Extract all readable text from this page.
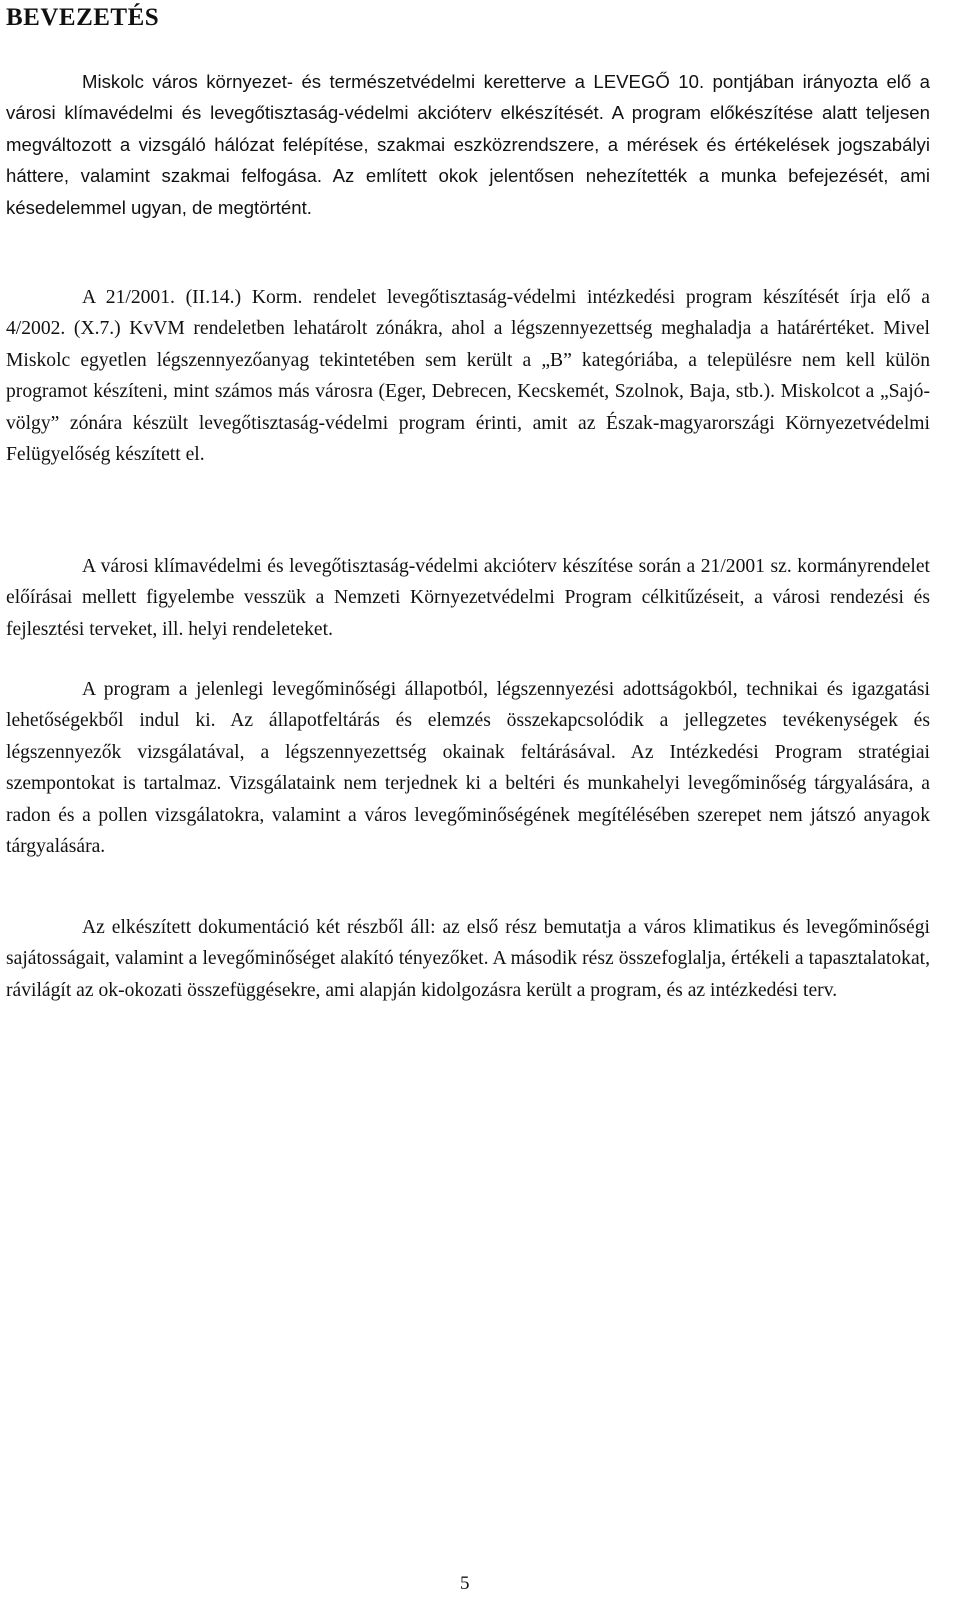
BEVEZETÉS

Miskolc város környezet- és természetvédelmi keretterve a LEVEGŐ 10. pontjában irányozta elő a városi klímavédelmi és levegőtisztaság-védelmi akcióterv elkészítését. A program előkészítése alatt teljesen megváltozott a vizsgáló hálózat felépítése, szakmai eszközrendszere, a mérések és értékelések jogszabályi háttere, valamint szakmai felfogása. Az említett okok jelentősen nehezítették a munka befejezését, ami késedelemmel ugyan, de megtörtént.

A 21/2001. (II.14.) Korm. rendelet levegőtisztaság-védelmi intézkedési program készítését írja elő a 4/2002. (X.7.) KvVM rendeletben lehatárolt zónákra, ahol a légszennyezettség meghaladja a határértéket. Mivel Miskolc egyetlen légszennyezőanyag tekintetében sem került a „B” kategóriába, a településre nem kell külön programot készíteni, mint számos más városra (Eger, Debrecen, Kecskemét, Szolnok, Baja, stb.). Miskolcot a „Sajó-völgy” zónára készült levegőtisztaság-védelmi program érinti, amit az Észak-magyarországi Környezetvédelmi Felügyelőség készített el.

A városi klímavédelmi és levegőtisztaság-védelmi akcióterv készítése során a 21/2001 sz. kormányrendelet előírásai mellett figyelembe vesszük a Nemzeti Környezetvédelmi Program célkitűzéseit, a városi rendezési és fejlesztési terveket, ill. helyi rendeleteket.

A program a jelenlegi levegőminőségi állapotból, légszennyezési adottságokból, technikai és igazgatási lehetőségekből indul ki. Az állapotfeltárás és elemzés összekapcsolódik a jellegzetes tevékenységek és légszennyezők vizsgálatával, a légszennyezettség okainak feltárásával. Az Intézkedési Program stratégiai szempontokat is tartalmaz. Vizsgálataink nem terjednek ki a beltéri és munkahelyi levegőminőség tárgyalására, a radon és a pollen vizsgálatokra, valamint a város levegőminőségének megítélésében szerepet nem játszó anyagok tárgyalására.

Az elkészített dokumentáció két részből áll: az első rész bemutatja a város klimatikus és levegőminőségi sajátosságait, valamint a levegőminőséget alakító tényezőket. A második rész összefoglalja, értékeli a tapasztalatokat, rávilágít az ok-okozati összefüggésekre, ami alapján kidolgozásra került a program, és az intézkedési terv.

5
